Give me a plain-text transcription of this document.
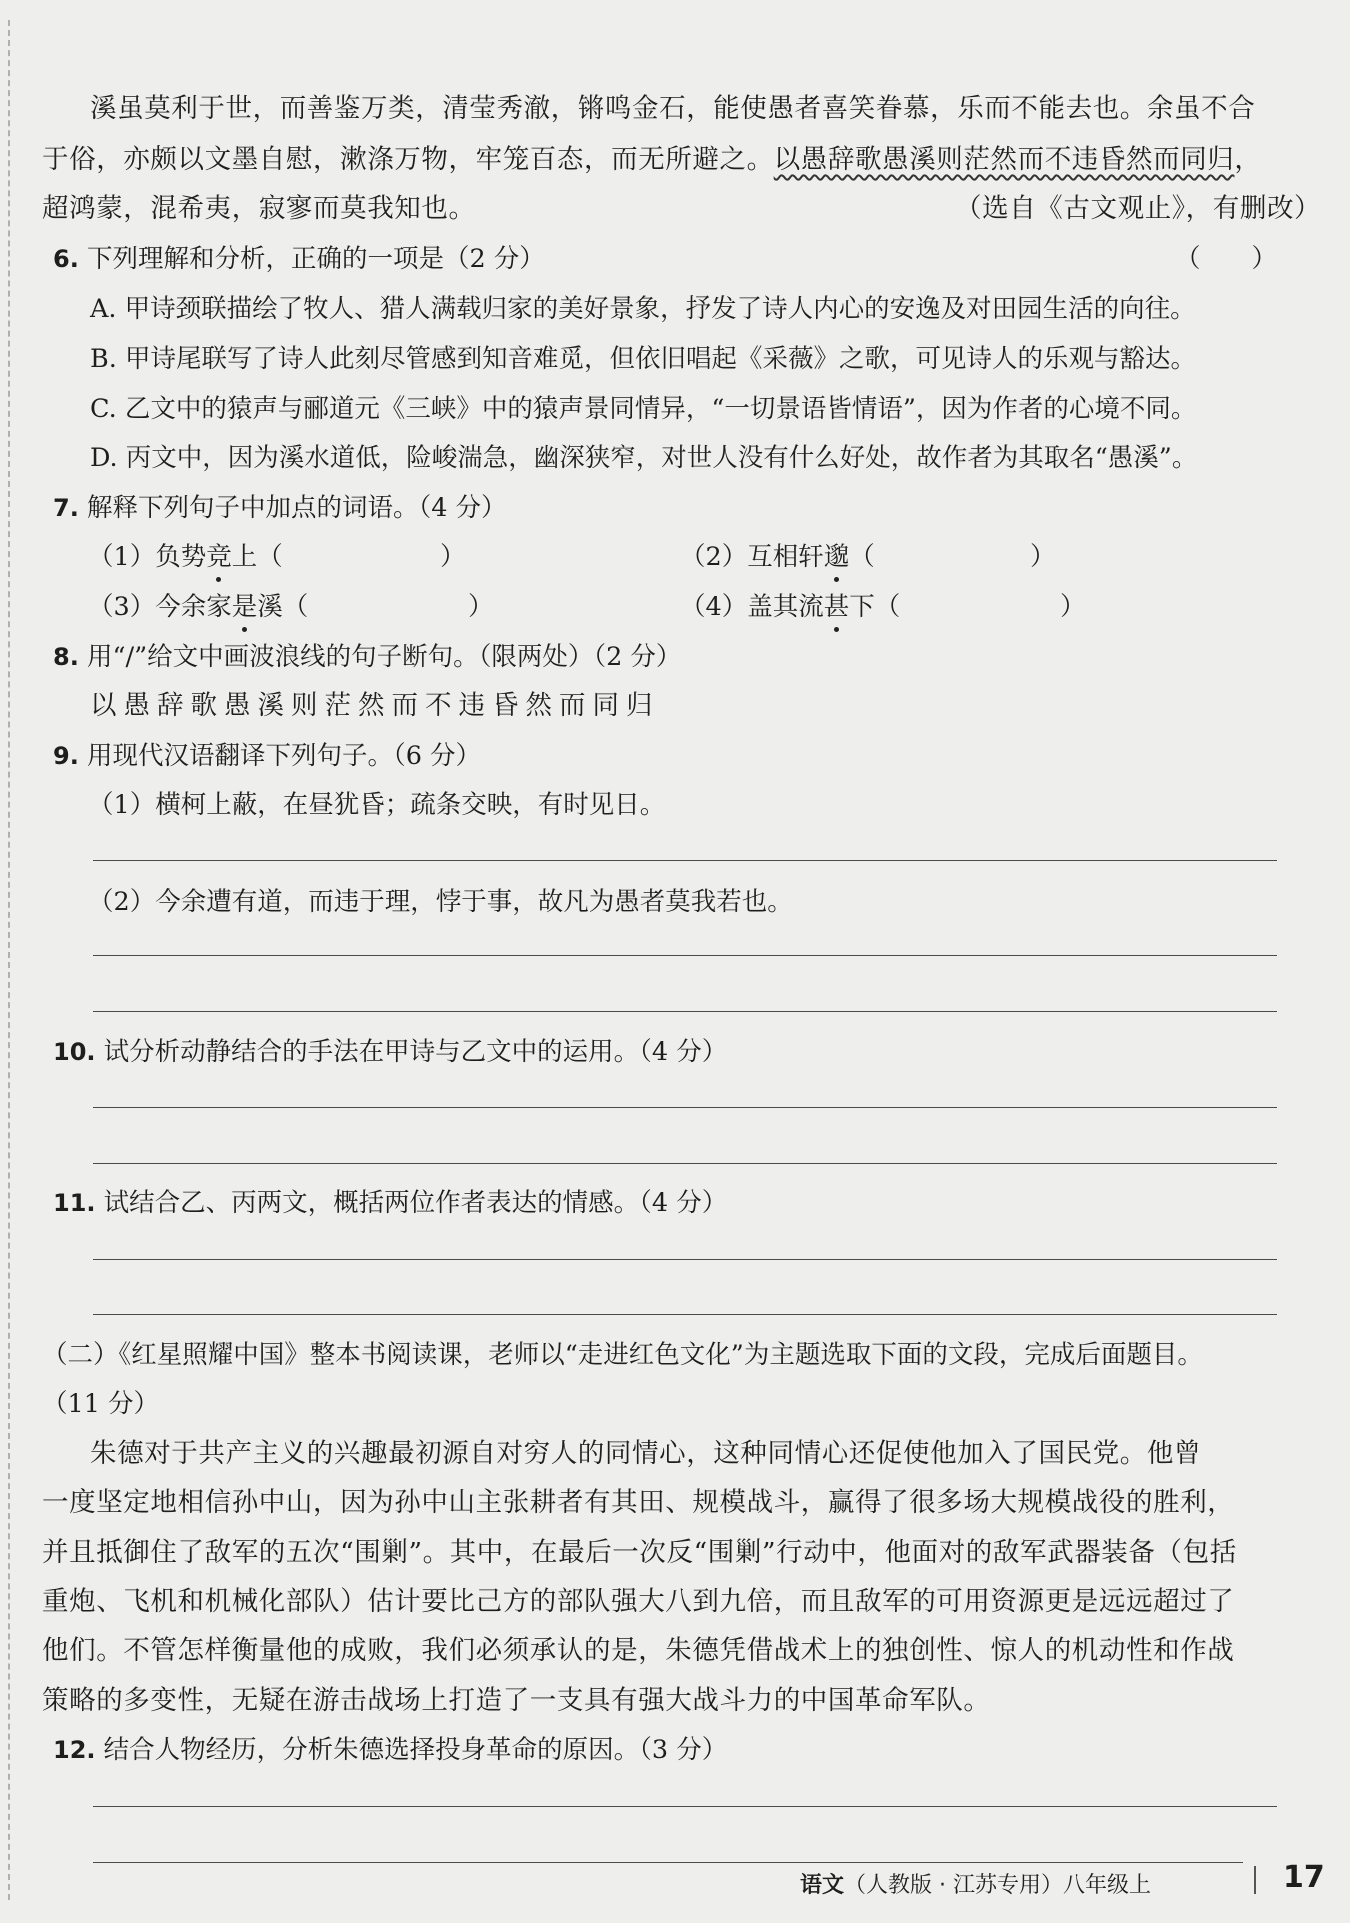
溪虽莫利于世，而善鉴万类，清莹秀澈，锵鸣金石，能使愚者喜笑眷慕，乐而不能去也。余虽不合
于俗，亦颇以文墨自慰，漱涤万物，牢笼百态，而无所避之。以愚辞歌愚溪则茫然而不违昏然而同归，
超鸿蒙，混希夷，寂寥而莫我知也。	（选自《古文观止》，有删改）
6. 下列理解和分析，正确的一项是（2 分）	（　　）
A. 甲诗颈联描绘了牧人、猎人满载归家的美好景象，抒发了诗人内心的安逸及对田园生活的向往。
B. 甲诗尾联写了诗人此刻尽管感到知音难觅，但依旧唱起《采薇》之歌，可见诗人的乐观与豁达。
C. 乙文中的猿声与郦道元《三峡》中的猿声景同情异，“一切景语皆情语”，因为作者的心境不同。
D. 丙文中，因为溪水道低，险峻湍急，幽深狭窄，对世人没有什么好处，故作者为其取名“愚溪”。
7. 解释下列句子中加点的词语。（4 分）
（1）负势竞上（	）	（2）互相轩邈（	）
（3）今余家是溪（	）	（4）盖其流甚下（	）
8. 用“/”给文中画波浪线的句子断句。（限两处）（2 分）
以愚辞歌愚溪则茫然而不违昏然而同归
9. 用现代汉语翻译下列句子。（6 分）
（1）横柯上蔽，在昼犹昏；疏条交映，有时见日。
（2）今余遭有道，而违于理，悖于事，故凡为愚者莫我若也。
10. 试分析动静结合的手法在甲诗与乙文中的运用。（4 分）
11. 试结合乙、丙两文，概括两位作者表达的情感。（4 分）
（二）《红星照耀中国》整本书阅读课，老师以“走进红色文化”为主题选取下面的文段，完成后面题目。
（11 分）
朱德对于共产主义的兴趣最初源自对穷人的同情心，这种同情心还促使他加入了国民党。他曾
一度坚定地相信孙中山，因为孙中山主张耕者有其田、规模战斗，赢得了很多场大规模战役的胜利，
并且抵御住了敌军的五次“围剿”。其中，在最后一次反“围剿”行动中，他面对的敌军武器装备（包括
重炮、飞机和机械化部队）估计要比己方的部队强大八到九倍，而且敌军的可用资源更是远远超过了
他们。不管怎样衡量他的成败，我们必须承认的是，朱德凭借战术上的独创性、惊人的机动性和作战
策略的多变性，无疑在游击战场上打造了一支具有强大战斗力的中国革命军队。
12. 结合人物经历，分析朱德选择投身革命的原因。（3 分）
语文（人教版 · 江苏专用）八年级上	17
